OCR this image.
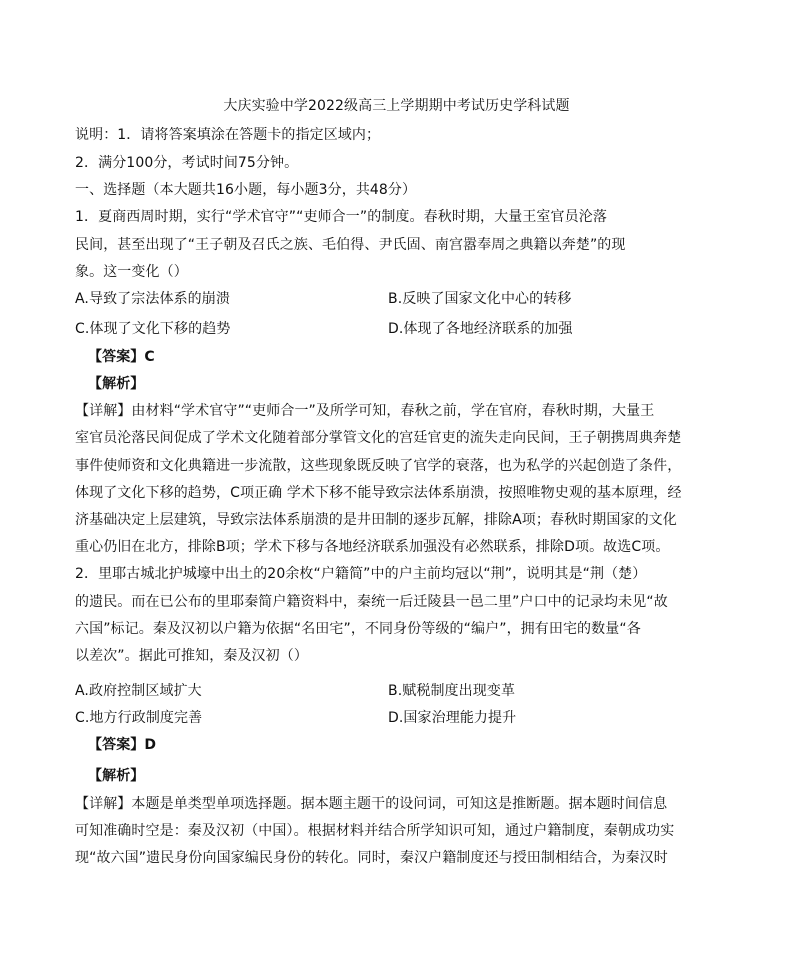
大庆实验中学2022级高三上学期期中考试历史学科试题
说明：1．请将答案填涂在答题卡的指定区域内；
2．满分100分，考试时间75分钟。
一、选择题（本大题共16小题，每小题3分，共48分）
1．夏商西周时期，实行“学术官守”“吏师合一”的制度。春秋时期，大量王室官员沦落
民间，甚至出现了“王子朝及召氏之族、毛伯得、尹氏固、南宫嚣奉周之典籍以奔楚”的现
象。这一变化（）
A.导致了宗法体系的崩溃	B.反映了国家文化中心的转移
C.体现了文化下移的趋势	D.体现了各地经济联系的加强
【答案】C
【解析】
【详解】由材料“学术官守”“吏师合一”及所学可知，春秋之前，学在官府，春秋时期，大量王
室官员沦落民间促成了学术文化随着部分掌管文化的宫廷官吏的流失走向民间，王子朝携周典奔楚
事件使师资和文化典籍进一步流散，这些现象既反映了官学的衰落，也为私学的兴起创造了条件，
体现了文化下移的趋势，C项正确 学术下移不能导致宗法体系崩溃，按照唯物史观的基本原理，经
济基础决定上层建筑，导致宗法体系崩溃的是井田制的逐步瓦解，排除A项；春秋时期国家的文化
重心仍旧在北方，排除B项；学术下移与各地经济联系加强没有必然联系，排除D项。故选C项。
2．里耶古城北护城壕中出土的20余枚“户籍简”中的户主前均冠以“荆”，说明其是“荆（楚）
的遗民。而在已公布的里耶秦简户籍资料中，秦统一后迁陵县一邑二里”户口中的记录均未见“故
六国”标记。秦及汉初以户籍为依据“名田宅”，不同身份等级的“编户”，拥有田宅的数量“各
以差次”。据此可推知，秦及汉初（）
A.政府控制区域扩大	B.赋税制度出现变革
C.地方行政制度完善	D.国家治理能力提升
【答案】D
【解析】
【详解】本题是单类型单项选择题。据本题主题干的设问词，可知这是推断题。据本题时间信息
可知准确时空是：秦及汉初（中国）。根据材料并结合所学知识可知，通过户籍制度，秦朝成功实
现“故六国”遗民身份向国家编民身份的转化。同时，秦汉户籍制度还与授田制相结合，为秦汉时
